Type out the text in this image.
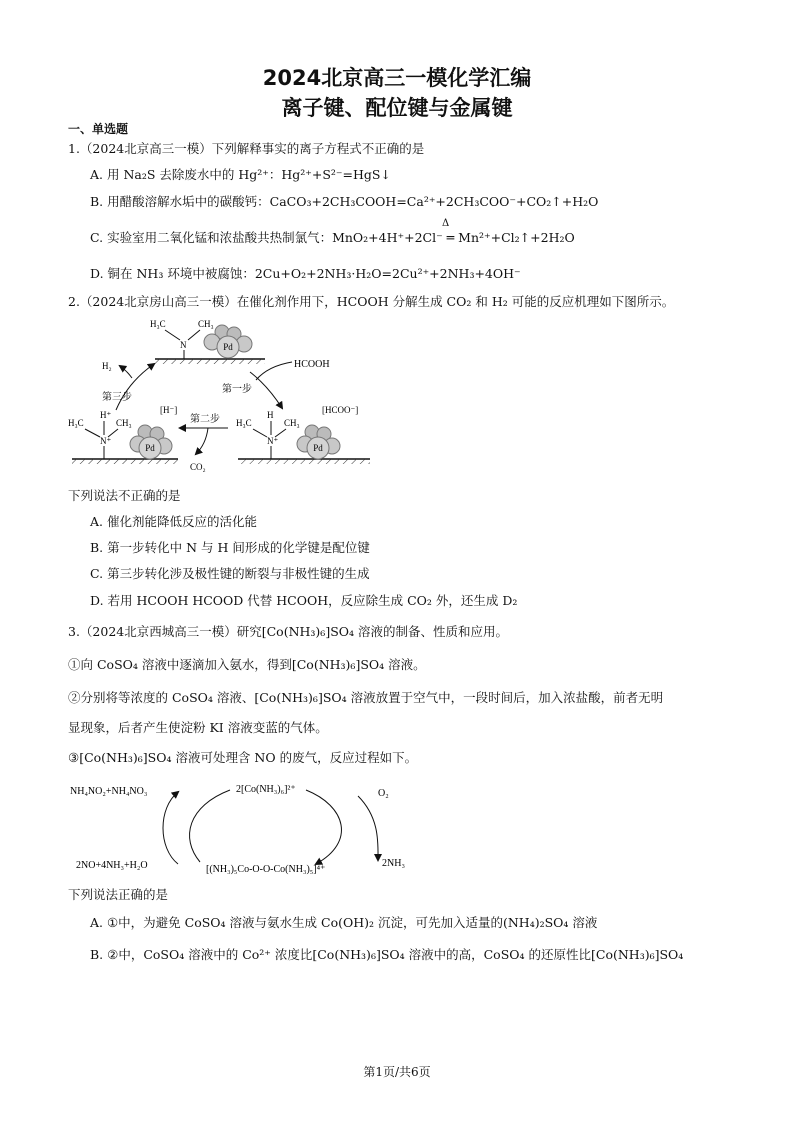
2024北京高三一模化学汇编
离子键、配位键与金属键
一、单选题
1.（2024北京高三一模）下列解释事实的离子方程式不正确的是
A. 用 Na₂S 去除废水中的 Hg²⁺：Hg²⁺+S²⁻=HgS↓
B. 用醋酸溶解水垢中的碳酸钙：CaCO₃+2CH₃COOH=Ca²⁺+2CH₃COO⁻+CO₂↑+H₂O
Δ
C. 实验室用二氧化锰和浓盐酸共热制氯气：MnO₂+4H⁺+2Cl⁻ ═ Mn²⁺+Cl₂↑+2H₂O
D. 铜在 NH₃ 环境中被腐蚀：2Cu+O₂+2NH₃·H₂O=2Cu²⁺+2NH₃+4OH⁻
2.（2024北京房山高三一模）在催化剂作用下，HCOOH 分解生成 CO₂ 和 H₂ 可能的反应机理如下图所示。
Pd
H₃C	CH₃
N
Pd
[H⁻]
H₃C	CH₃
H⁺
N⁺
Pd
[HCOO⁻]
H₃C	CH₃
H
N⁺
第一步
HCOOH
第二步
CO₂
第三步
H₂
下列说法不正确的是
A. 催化剂能降低反应的活化能
B. 第一步转化中 N 与 H 间形成的化学键是配位键
C. 第三步转化涉及极性键的断裂与非极性键的生成
D. 若用 HCOOH HCOOD 代替 HCOOH，反应除生成 CO₂ 外，还生成 D₂
3.（2024北京西城高三一模）研究[Co(NH₃)₆]SO₄ 溶液的制备、性质和应用。
①向 CoSO₄ 溶液中逐滴加入氨水，得到[Co(NH₃)₆]SO₄ 溶液。
②分别将等浓度的 CoSO₄ 溶液、[Co(NH₃)₆]SO₄ 溶液放置于空气中，一段时间后，加入浓盐酸，前者无明
显现象，后者产生使淀粉 KI 溶液变蓝的气体。
③[Co(NH₃)₆]SO₄ 溶液可处理含 NO 的废气，反应过程如下。
NH₄NO₂+NH₄NO₃	2[Co(NH₃)₆]²⁺	O₂
2NO+4NH₃+H₂O	[(NH₃)₅Co-O-O-Co(NH₃)₅]⁴⁺
2NH₃
下列说法正确的是
A. ①中，为避免 CoSO₄ 溶液与氨水生成 Co(OH)₂ 沉淀，可先加入适量的(NH₄)₂SO₄ 溶液
B. ②中，CoSO₄ 溶液中的 Co²⁺ 浓度比[Co(NH₃)₆]SO₄ 溶液中的高，CoSO₄ 的还原性比[Co(NH₃)₆]SO₄
第1页/共6页
